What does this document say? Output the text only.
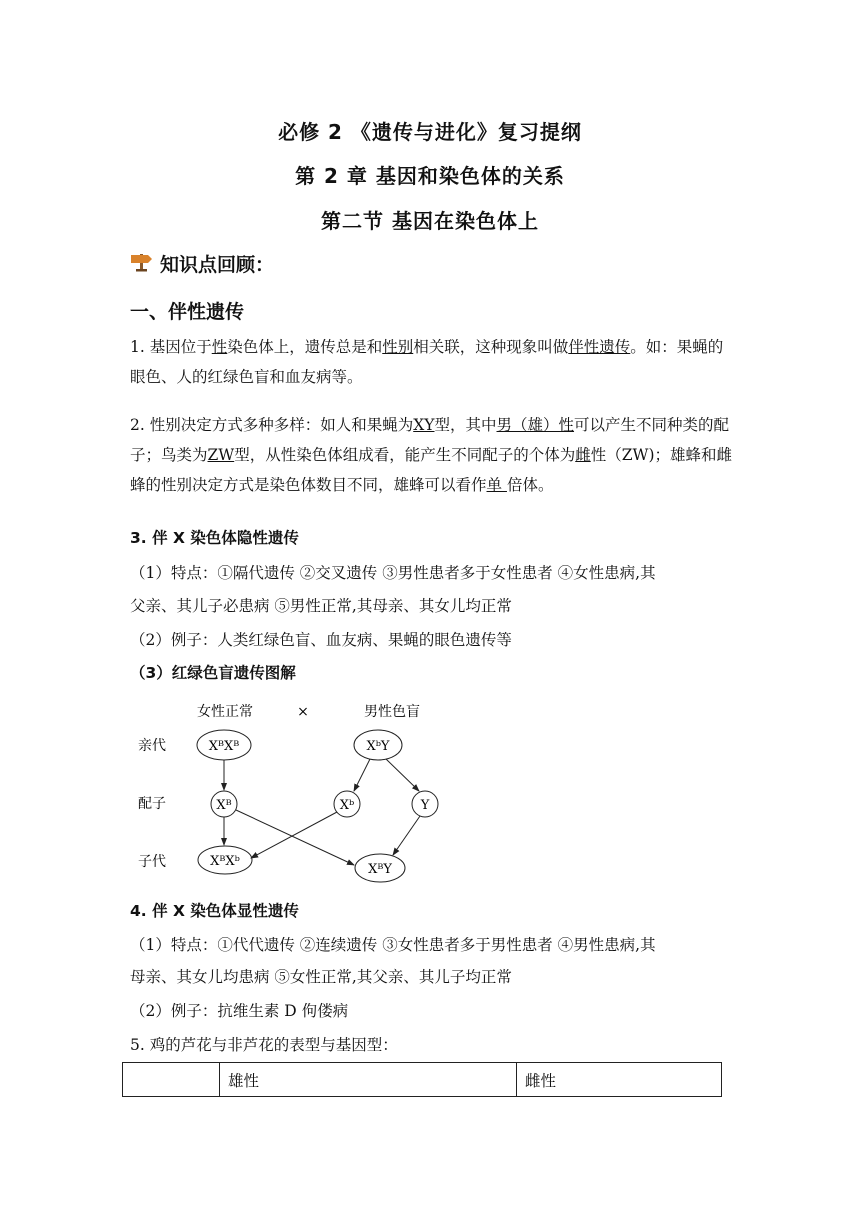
必修 2 《遗传与进化》复习提纲
第 2 章 基因和染色体的关系
第二节 基因在染色体上
知识点回顾：
一、伴性遗传
1. 基因位于性染色体上，遗传总是和性别相关联，这种现象叫做伴性遗传。如：果蝇的眼色、人的红绿色盲和血友病等。
2. 性别决定方式多种多样：如人和果蝇为XY型，其中男（雄）性可以产生不同种类的配子；鸟类为ZW型，从性染色体组成看，能产生不同配子的个体为雌性（ZW)；雄蜂和雌蜂的性别决定方式是染色体数目不同，雄蜂可以看作单 倍体。
3. 伴 X 染色体隐性遗传
（1）特点：①隔代遗传 ②交叉遗传 ③男性患者多于女性患者 ④女性患病,其
父亲、其儿子必患病 ⑤男性正常,其母亲、其女儿均正常
（2）例子：人类红绿色盲、血友病、果蝇的眼色遗传等
（3）红绿色盲遗传图解
女性正常	×	男性色盲
亲代
配子
子代
XᴮXᴮ	XᵇY
Xᴮ	Xᵇ	Y
XᴮXᵇ
XᴮY
4. 伴 X 染色体显性遗传
（1）特点：①代代遗传 ②连续遗传 ③女性患者多于男性患者 ④男性患病,其
母亲、其女儿均患病 ⑤女性正常,其父亲、其儿子均正常
（2）例子：抗维生素 D 佝偻病
5. 鸡的芦花与非芦花的表型与基因型：
	雄性	雌性
